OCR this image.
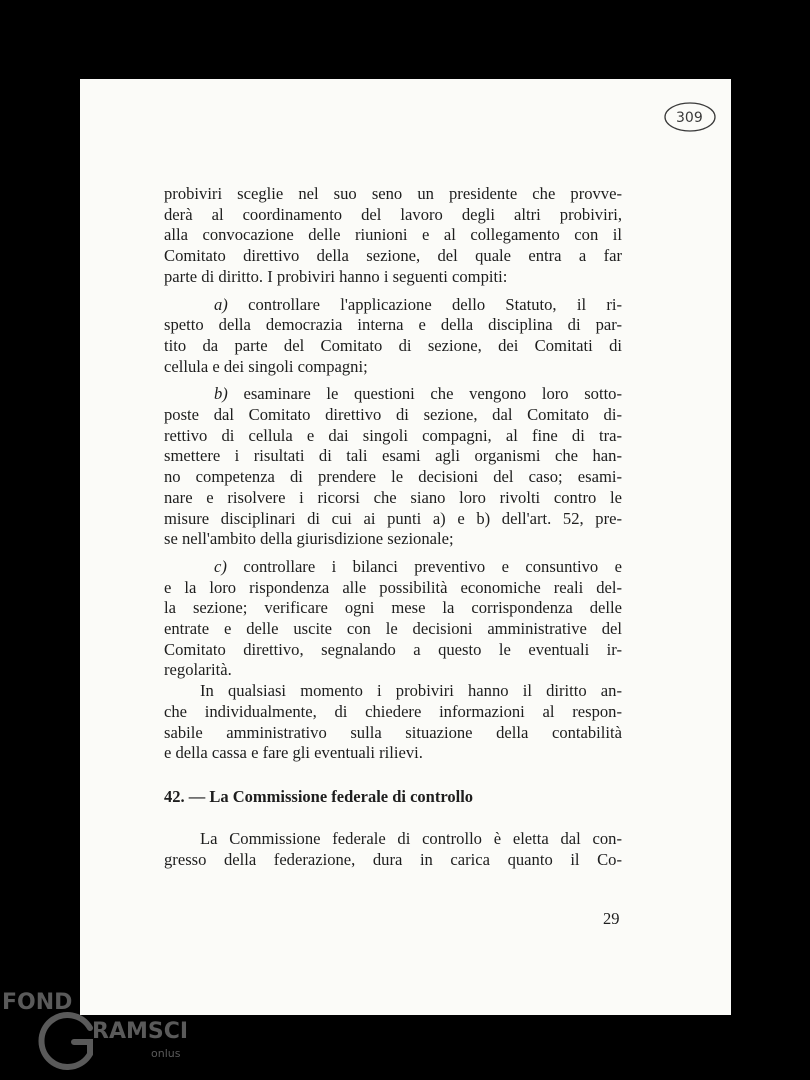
309

probiviri sceglie nel suo seno un presidente che provve-
derà al coordinamento del lavoro degli altri probiviri,
alla convocazione delle riunioni e al collegamento con il
Comitato direttivo della sezione, del quale entra a far
parte di diritto. I probiviri hanno i seguenti compiti:

a) controllare l'applicazione dello Statuto, il ri-
spetto della democrazia interna e della disciplina di par-
tito da parte del Comitato di sezione, dei Comitati di
cellula e dei singoli compagni;

b) esaminare le questioni che vengono loro sotto-
poste dal Comitato direttivo di sezione, dal Comitato di-
rettivo di cellula e dai singoli compagni, al fine di tra-
smettere i risultati di tali esami agli organismi che han-
no competenza di prendere le decisioni del caso; esami-
nare e risolvere i ricorsi che siano loro rivolti contro le
misure disciplinari di cui ai punti a) e b) dell'art. 52, pre-
se nell'ambito della giurisdizione sezionale;

c) controllare i bilanci preventivo e consuntivo e
e la loro rispondenza alle possibilità economiche reali del-
la sezione; verificare ogni mese la corrispondenza delle
entrate e delle uscite con le decisioni amministrative del
Comitato direttivo, segnalando a questo le eventuali ir-
regolarità.

In qualsiasi momento i probiviri hanno il diritto an-
che individualmente, di chiedere informazioni al respon-
sabile amministrativo sulla situazione della contabilità
e della cassa e fare gli eventuali rilievi.

42. — La Commissione federale di controllo
La Commissione federale di controllo è eletta dal con-
gresso della federazione, dura in carica quanto il Co-
29
FOND
RAMSCI
onlus
